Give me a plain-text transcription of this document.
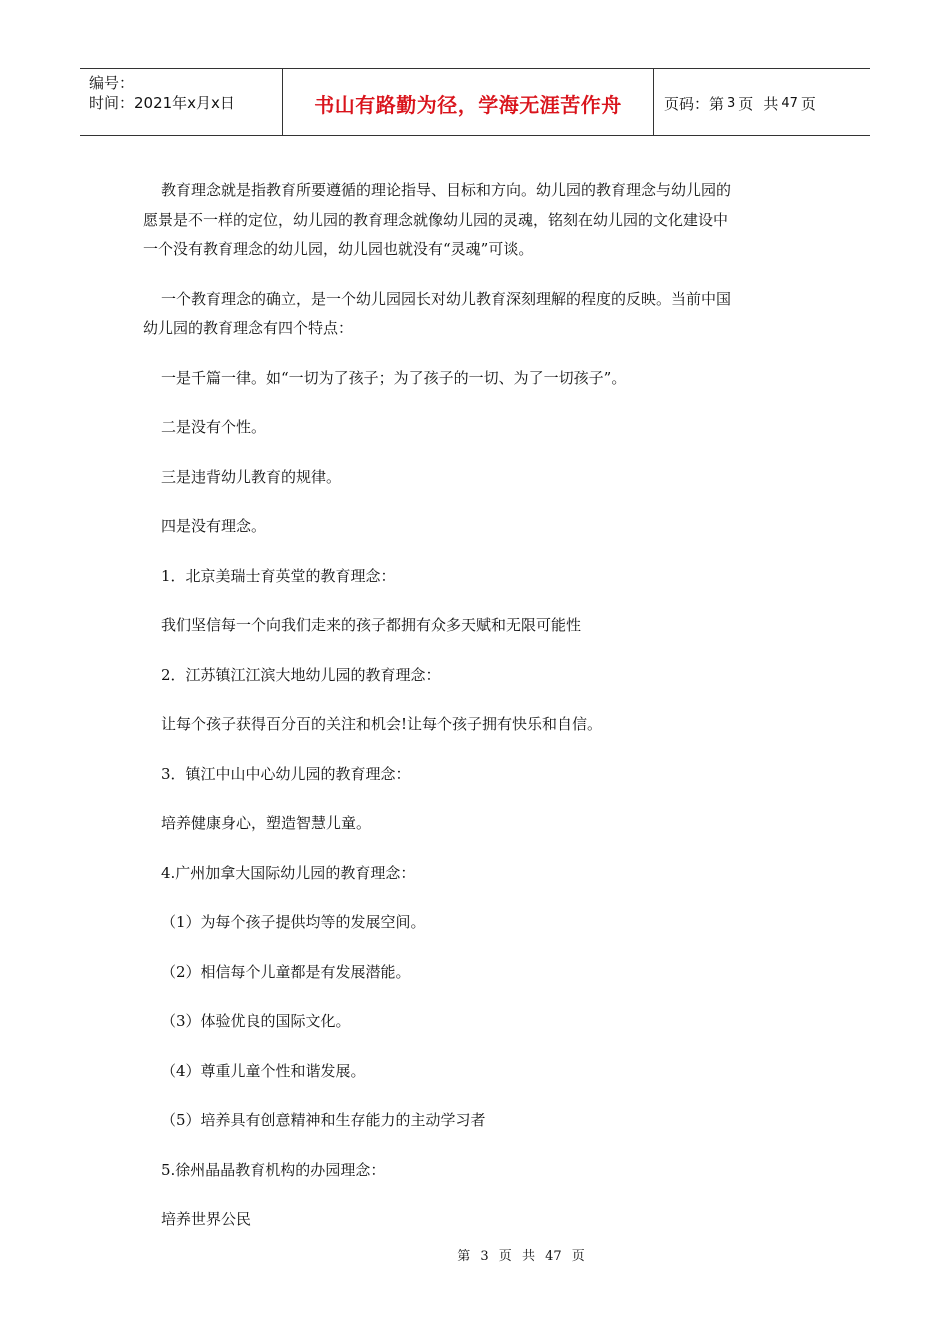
编号：
时间：2021年x月x日	书山有路勤为径，学海无涯苦作舟	页码：第 3 页 共 47 页

教育理念就是指教育所要遵循的理论指导、目标和方向。幼儿园的教育理念与幼儿园的

愿景是不一样的定位，幼儿园的教育理念就像幼儿园的灵魂，铭刻在幼儿园的文化建设中

一个没有教育理念的幼儿园，幼儿园也就没有“灵魂”可谈。

一个教育理念的确立，是一个幼儿园园长对幼儿教育深刻理解的程度的反映。当前中国

幼儿园的教育理念有四个特点：

一是千篇一律。如“一切为了孩子；为了孩子的一切、为了一切孩子”。

二是没有个性。

三是违背幼儿教育的规律。

四是没有理念。

1．北京美瑞士育英堂的教育理念：

我们坚信每一个向我们走来的孩子都拥有众多天赋和无限可能性

2．江苏镇江江滨大地幼儿园的教育理念：

让每个孩子获得百分百的关注和机会!让每个孩子拥有快乐和自信。

3．镇江中山中心幼儿园的教育理念：

培养健康身心，塑造智慧儿童。

4.广州加拿大国际幼儿园的教育理念：

（1）为每个孩子提供均等的发展空间。

（2）相信每个儿童都是有发展潜能。

（3）体验优良的国际文化。

（4）尊重儿童个性和谐发展。

（5）培养具有创意精神和生存能力的主动学习者

5.徐州晶晶教育机构的办园理念：

培养世界公民

第 3 页 共 47 页
